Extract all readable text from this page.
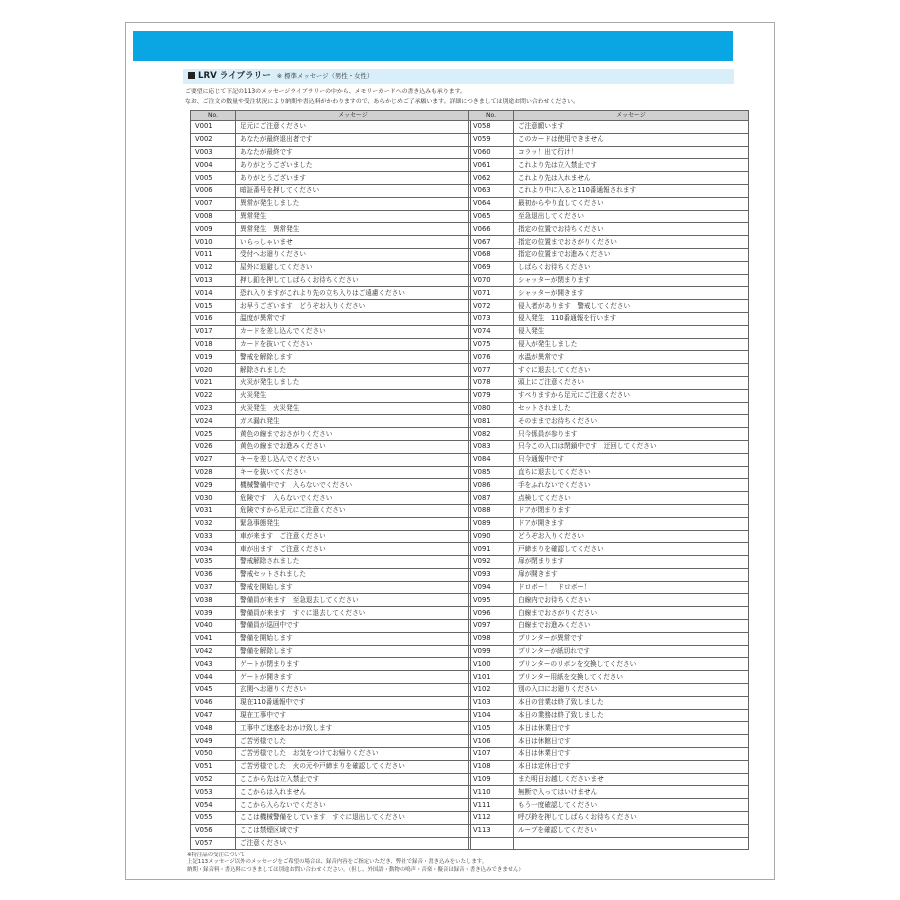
LRV ライブラリー ※ 標準メッセージ（男性・女性）
ご要望に応じて下記の113のメッセージライブラリーの中から、メモリーカードへの書き込みも承ります。
なお、ご注文の数量や受注状況により納期や書込料がかわりますので、あらかじめご了承願います。詳細につきましては別途お問い合わせください。
No.	メッセージ
V001	足元にご注意ください
V002	あなたが最終退出者です
V003	あなたが最終です
V004	ありがとうございました
V005	ありがとうございます
V006	暗証番号を押してください
V007	異常が発生しました
V008	異常発生
V009	異常発生　異常発生
V010	いらっしゃいませ
V011	受付へお廻りください
V012	屋外に退避してください
V013	押し釦を押してしばらくお待ちください
V014	恐れ入りますがこれより先の立ち入りはご遠慮ください
V015	お早うございます　どうぞお入りください
V016	温度が異常です
V017	カードを差し込んでください
V018	カードを抜いてください
V019	警戒を解除します
V020	解除されました
V021	火災が発生しました
V022	火災発生
V023	火災発生　火災発生
V024	ガス漏れ発生
V025	黄色の線までおさがりください
V026	黄色の線までお進みください
V027	キーを差し込んでください
V028	キーを抜いてください
V029	機械警備中です　入らないでください
V030	危険です　入らないでください
V031	危険ですから足元にご注意ください
V032	緊急事態発生
V033	車が来ます　ご注意ください
V034	車が出ます　ご注意ください
V035	警戒解除されました
V036	警戒セットされました
V037	警戒を開始します
V038	警備員が来ます　至急退去してください
V039	警備員が来ます　すぐに退去してください
V040	警備員が巡回中です
V041	警備を開始します
V042	警備を解除します
V043	ゲートが閉まります
V044	ゲートが開きます
V045	玄関へお廻りください
V046	現在110番通報中です
V047	現在工事中です
V048	工事中ご迷惑をおかけ致します
V049	ご苦労様でした
V050	ご苦労様でした　お気をつけてお帰りください
V051	ご苦労様でした　火の元や戸締まりを確認してください
V052	ここから先は立入禁止です
V053	ここからは入れません
V054	ここから入らないでください
V055	ここは機械警備をしています　すぐに退出してください
V056	ここは禁煙区域です
V057	ご注意ください
No.	メッセージ
V058	ご注意願います
V059	このカードは使用できません
V060	コラッ！出て行け！
V061	これより先は立入禁止です
V062	これより先は入れません
V063	これより中に入ると110番通報されます
V064	最初からやり直してください
V065	至急退出してください
V066	指定の位置でお待ちください
V067	指定の位置までおさがりください
V068	指定の位置までお進みください
V069	しばらくお待ちください
V070	シャッターが閉まります
V071	シャッターが開きます
V072	侵入者があります　警戒してください
V073	侵入発生　110番通報を行います
V074	侵入発生
V075	侵入が発生しました
V076	水温が異常です
V077	すぐに退去してください
V078	頭上にご注意ください
V079	すべりますから足元にご注意ください
V080	セットされました
V081	そのままでお待ちください
V082	只今係員が参ります
V083	只今この入口は閉鎖中です　迂回してください
V084	只今通報中です
V085	直ちに退去してください
V086	手をふれないでください
V087	点検してください
V088	ドアが閉まります
V089	ドアが開きます
V090	どうぞお入りください
V091	戸締まりを確認してください
V092	扉が閉まります
V093	扉が開きます
V094	ドロボー！　ドロボー！
V095	白線内でお待ちください
V096	白線までおさがりください
V097	白線までお進みください
V098	プリンターが異常です
V099	プリンターが紙切れです
V100	プリンターのリボンを交換してください
V101	プリンター用紙を交換してください
V102	別の入口にお廻りください
V103	本日の営業は終了致しました
V104	本日の業務は終了致しました
V105	本日は休業日です
V106	本日は休館日です
V107	本日は休業日です
V108	本日は定休日です
V109	また明日お越しくださいませ
V110	無断で入ってはいけません
V111	もう一度確認してください
V112	呼び鈴を押してしばらくお待ちください
V113	ループを確認してください

※特注品の受注について
上記113メッセージ以外のメッセージをご希望の場合は、録音内容をご指定いただき、弊社で録音・書き込みをいたします。
納期・録音料・書込料につきましては別途お問い合わせください。（但し、外国語・動物の鳴声・音楽・擬音は録音・書き込みできません）
